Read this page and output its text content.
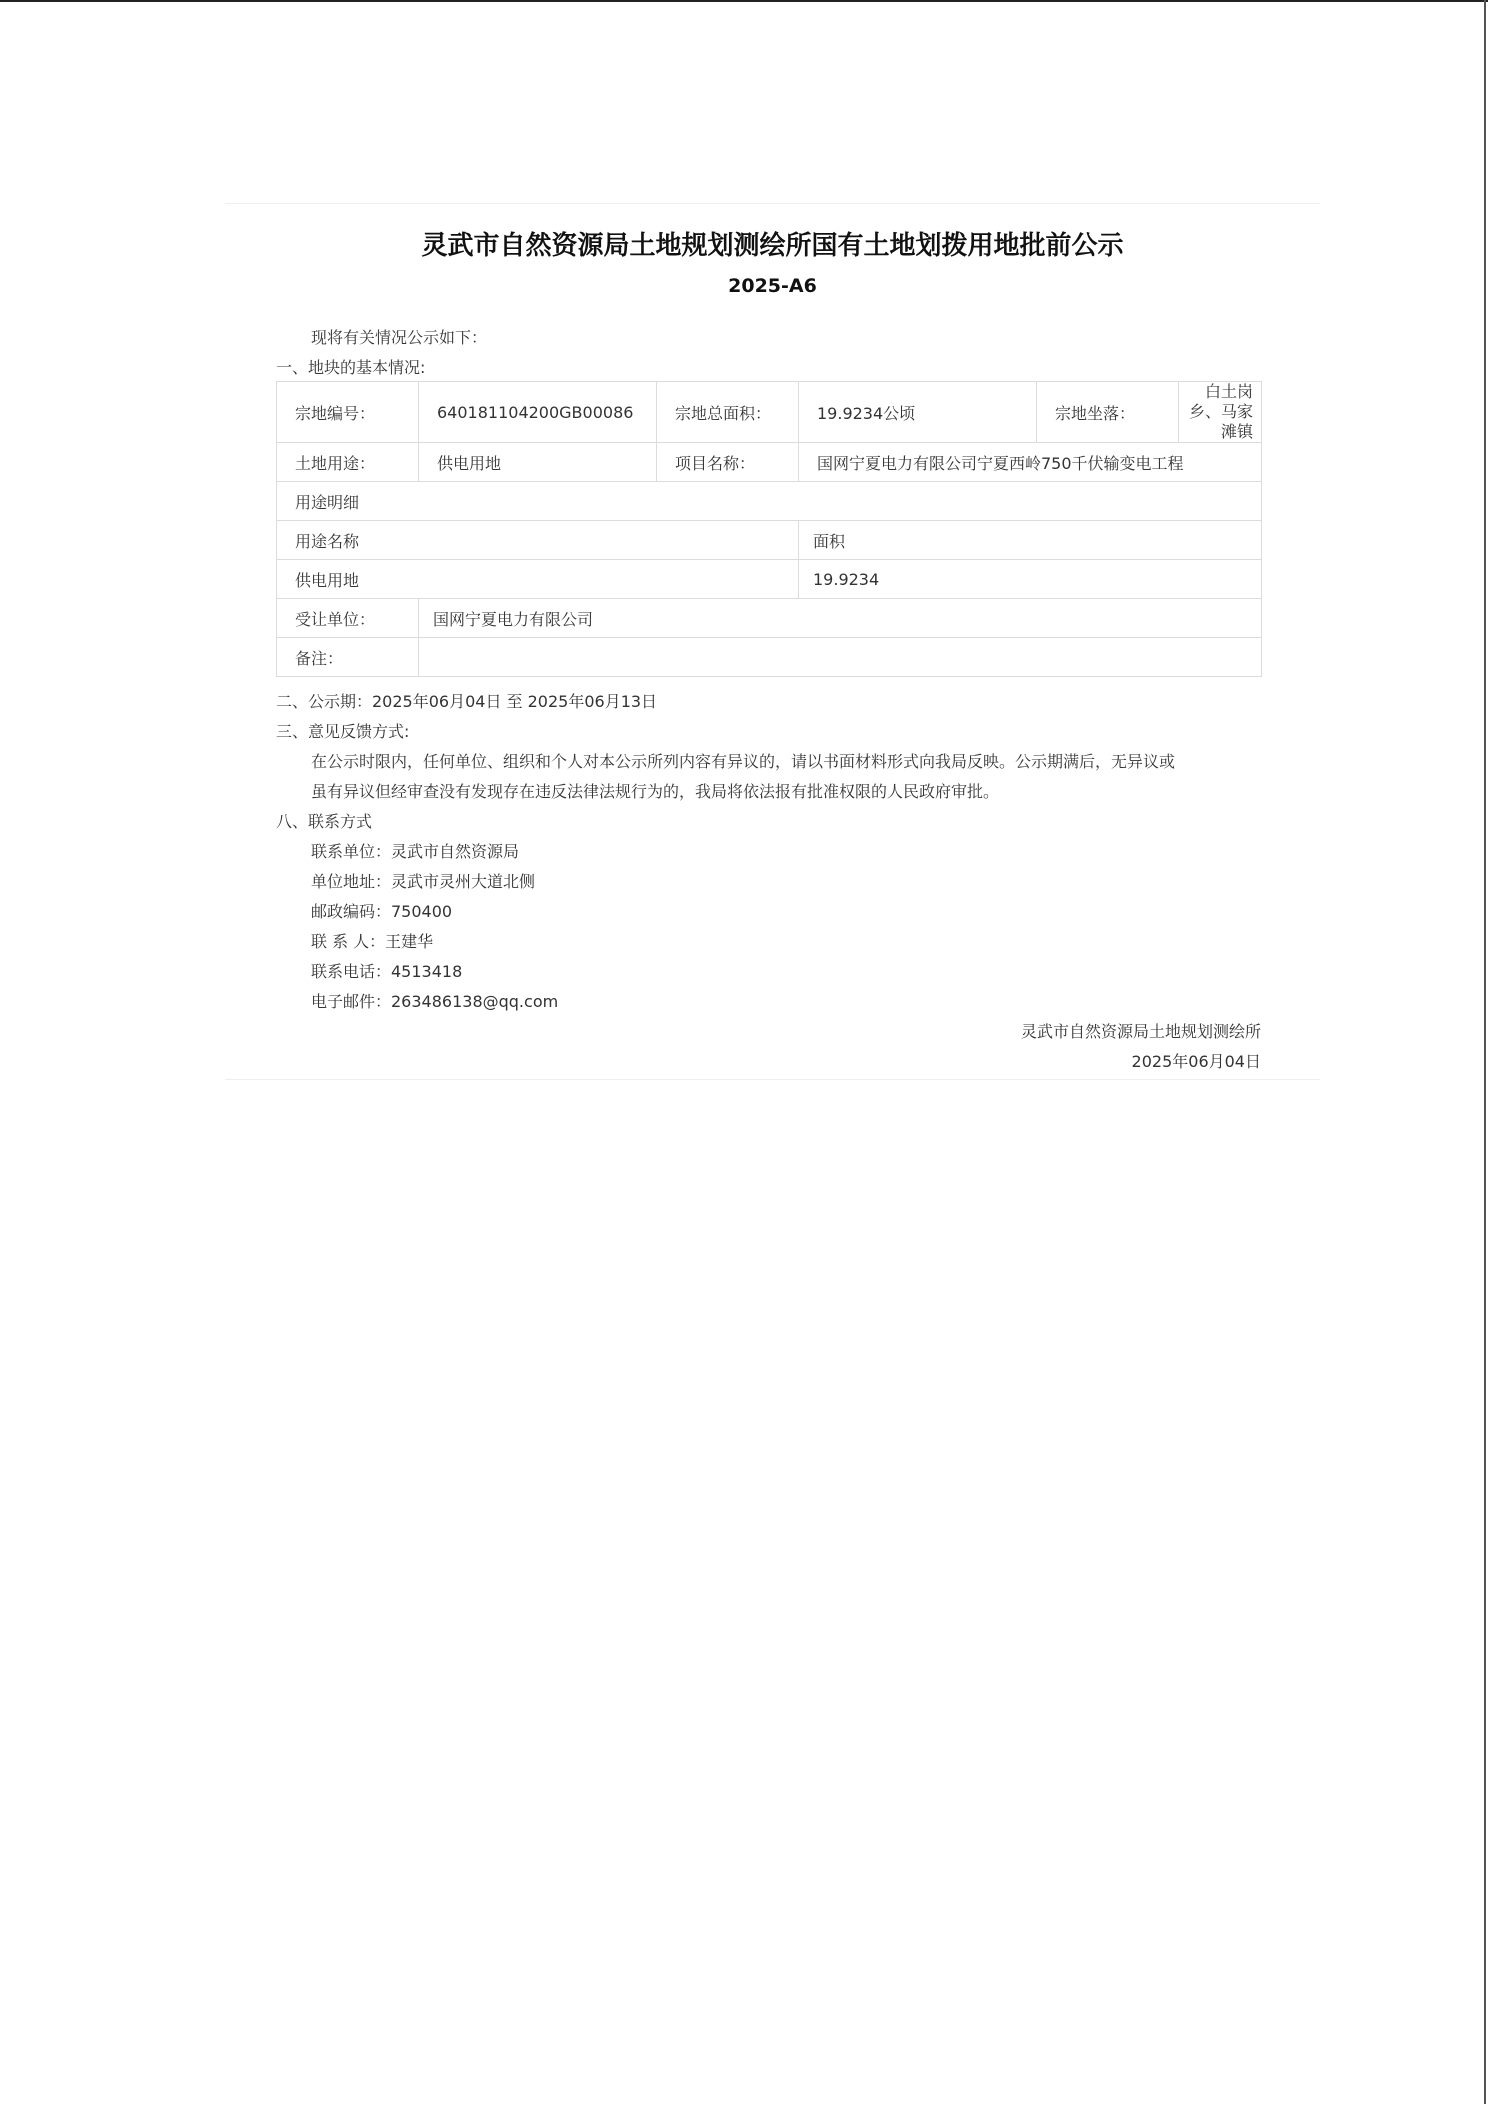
灵武市自然资源局土地规划测绘所国有土地划拨用地批前公示
2025-A6
现将有关情况公示如下：
一、地块的基本情况:
宗地编号：	640181104200GB00086	宗地总面积：	19.9234公顷	宗地坐落：	白土岗乡、马家滩镇
土地用途：	供电用地	项目名称：	国网宁夏电力有限公司宁夏西岭750千伏输变电工程		
用途明细					
用途名称			面积		
供电用地			19.9234		
受让单位：	国网宁夏电力有限公司				
备注：					
二、公示期：2025年06月04日 至 2025年06月13日
三、意见反馈方式:
在公示时限内，任何单位、组织和个人对本公示所列内容有异议的，请以书面材料形式向我局反映。公示期满后，无异议或
虽有异议但经审查没有发现存在违反法律法规行为的，我局将依法报有批准权限的人民政府审批。
八、联系方式
联系单位：灵武市自然资源局
单位地址：灵武市灵州大道北侧
邮政编码：750400
联 系 人：王建华
联系电话：4513418
电子邮件：263486138@qq.com
灵武市自然资源局土地规划测绘所
2025年06月04日
